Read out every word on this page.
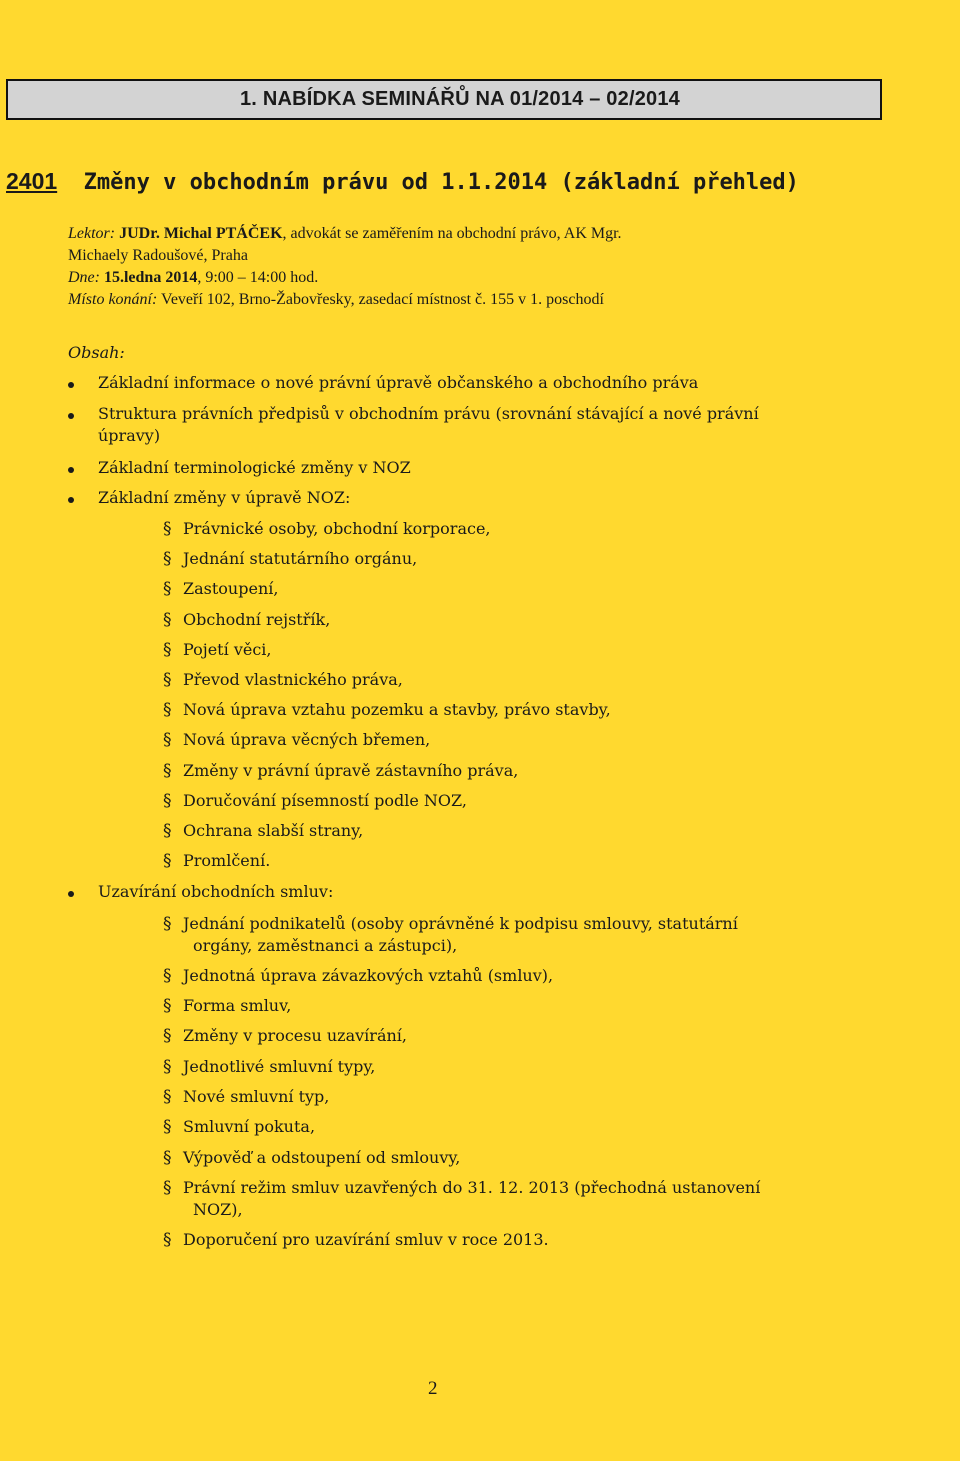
1. NABÍDKA SEMINÁŘŮ NA 01/2014 – 02/2014
2401 Změny v obchodním právu od 1.1.2014 (základní přehled)
Lektor: JUDr. Michal PTÁČEK, advokát se zaměřením na obchodní právo, AK Mgr.
Michaely Radoušové, Praha
Dne: 15.ledna 2014, 9:00 – 14:00 hod.
Místo konání: Veveří 102, Brno-Žabovřesky, zasedací místnost č. 155 v 1. poschodí
Obsah:
Základní informace o nové právní úpravě občanského a obchodního práva
Struktura právních předpisů v obchodním právu (srovnání stávající a nové právní
úpravy)
Základní terminologické změny v NOZ
Základní změny v úpravě NOZ:
Uzavírání obchodních smluv:
§ Právnické osoby, obchodní korporace,
§ Jednání statutárního orgánu,
§ Zastoupení,
§ Obchodní rejstřík,
§ Pojetí věci,
§ Převod vlastnického práva,
§ Nová úprava vztahu pozemku a stavby, právo stavby,
§ Nová úprava věcných břemen,
§ Změny v právní úpravě zástavního práva,
§ Doručování písemností podle NOZ,
§ Ochrana slabší strany,
§ Promlčení.
§ Jednání podnikatelů (osoby oprávněné k podpisu smlouvy, statutární
orgány, zaměstnanci a zástupci),
§ Jednotná úprava závazkových vztahů (smluv),
§ Forma smluv,
§ Změny v procesu uzavírání,
§ Jednotlivé smluvní typy,
§ Nové smluvní typ,
§ Smluvní pokuta,
§ Výpověď a odstoupení od smlouvy,
§ Právní režim smluv uzavřených do 31. 12. 2013 (přechodná ustanovení
NOZ),
§ Doporučení pro uzavírání smluv v roce 2013.
2
